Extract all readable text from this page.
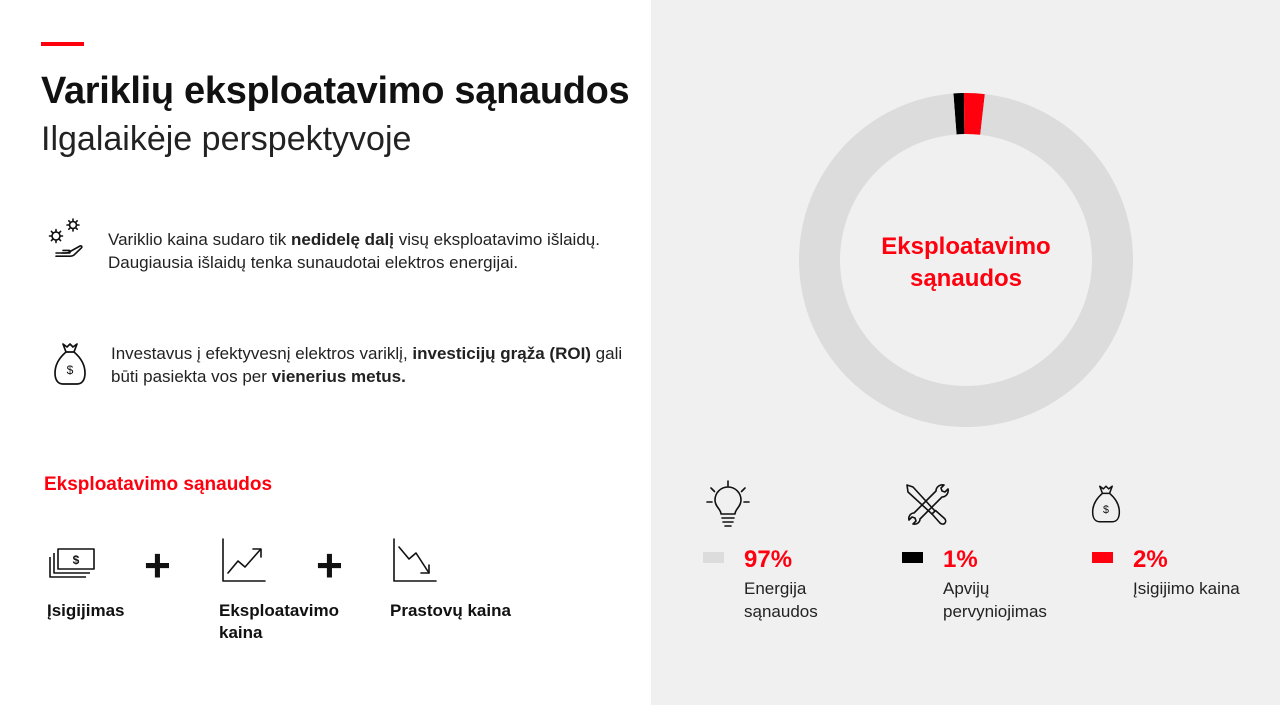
Variklių eksploatavimo sąnaudos
Ilgalaikėje perspektyvoje
Variklio kaina sudaro tik nedidelę dalį visų eksploatavimo išlaidų. Daugiausia išlaidų tenka sunaudotai elektros energijai.
$
Investavus į efektyvesnį elektros variklį, investicijų grąža (ROI) gali būti pasiekta vos per vienerius metus.
Eksploatavimo sąnaudos
$ +	+
Įsigijimas	Eksploatavimo kaina
Prastovų kaina
Eksploatavimo sąnaudos
$
97%	1%	2%
Energija sąnaudos
Apvijų pervyniojimas
Įsigijimo kaina
